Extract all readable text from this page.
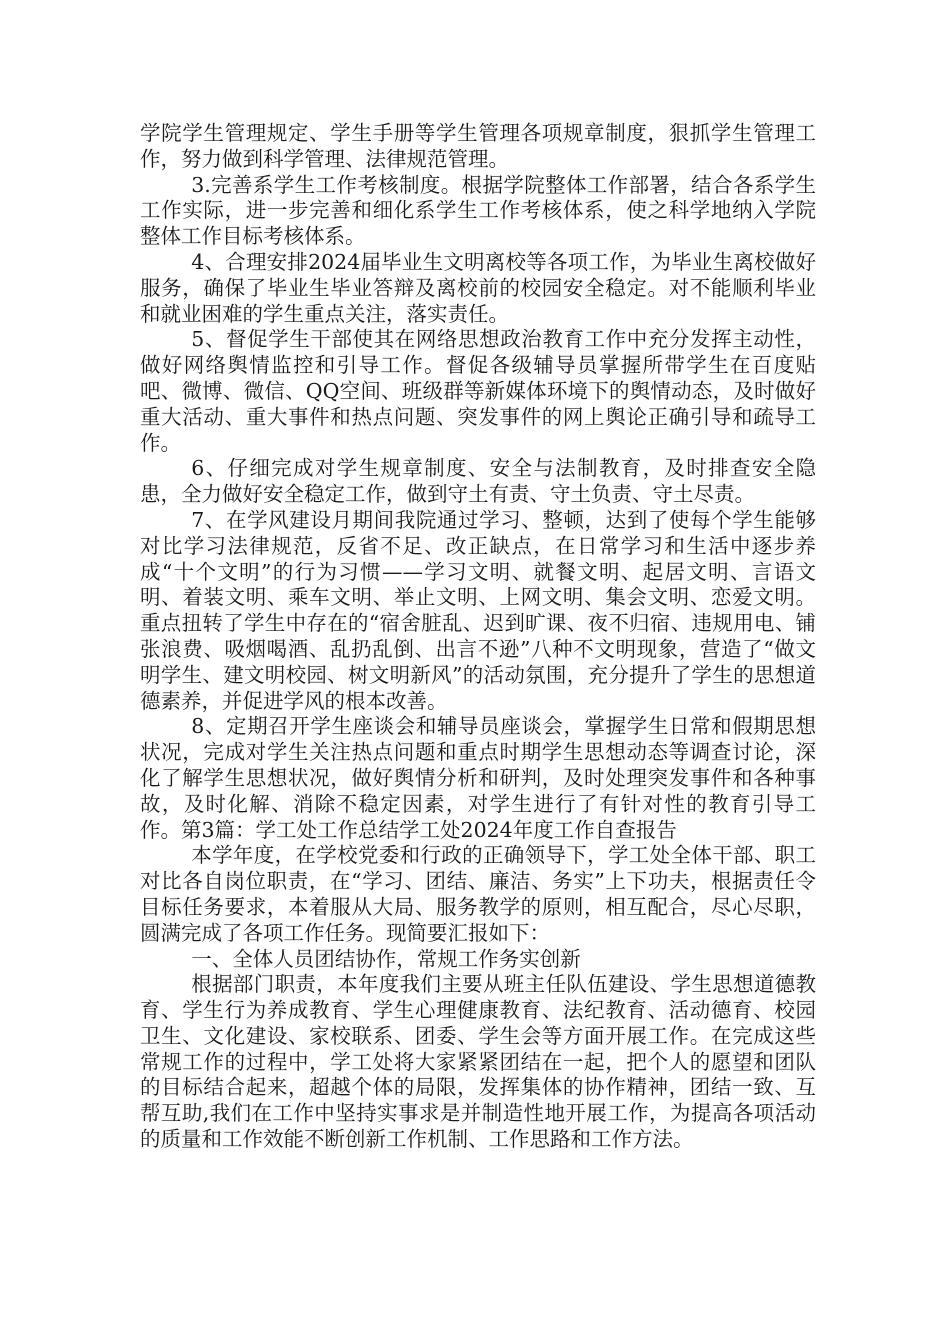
学院学生管理规定、学生手册等学生管理各项规章制度，狠抓学生管理工作，努力做到科学管理、法律规范管理。

3.完善系学生工作考核制度。根据学院整体工作部署，结合各系学生工作实际，进一步完善和细化系学生工作考核体系，使之科学地纳入学院整体工作目标考核体系。

4、合理安排2024届毕业生文明离校等各项工作，为毕业生离校做好服务，确保了毕业生毕业答辩及离校前的校园安全稳定。对不能顺利毕业和就业困难的学生重点关注，落实责任。

5、督促学生干部使其在网络思想政治教育工作中充分发挥主动性，做好网络舆情监控和引导工作。督促各级辅导员掌握所带学生在百度贴吧、微博、微信、QQ空间、班级群等新媒体环境下的舆情动态，及时做好重大活动、重大事件和热点问题、突发事件的网上舆论正确引导和疏导工作。

6、仔细完成对学生规章制度、安全与法制教育，及时排查安全隐患，全力做好安全稳定工作，做到守土有责、守土负责、守土尽责。

7、在学风建设月期间我院通过学习、整顿，达到了使每个学生能够对比学习法律规范，反省不足、改正缺点，在日常学习和生活中逐步养成“十个文明”的行为习惯——学习文明、就餐文明、起居文明、言语文明、着装文明、乘车文明、举止文明、上网文明、集会文明、恋爱文明。重点扭转了学生中存在的“宿舍脏乱、迟到旷课、夜不归宿、违规用电、铺张浪费、吸烟喝酒、乱扔乱倒、出言不逊”八种不文明现象，营造了“做文明学生、建文明校园、树文明新风”的活动氛围，充分提升了学生的思想道德素养，并促进学风的根本改善。

8、定期召开学生座谈会和辅导员座谈会，掌握学生日常和假期思想状况，完成对学生关注热点问题和重点时期学生思想动态等调查讨论，深化了解学生思想状况，做好舆情分析和研判，及时处理突发事件和各种事故，及时化解、消除不稳定因素，对学生进行了有针对性的教育引导工作。第3篇：学工处工作总结学工处2024年度工作自查报告

本学年度，在学校党委和行政的正确领导下，学工处全体干部、职工对比各自岗位职责，在“学习、团结、廉洁、务实”上下功夫，根据责任令目标任务要求，本着服从大局、服务教学的原则，相互配合，尽心尽职，圆满完成了各项工作任务。现简要汇报如下：

一、全体人员团结协作，常规工作务实创新

根据部门职责，本年度我们主要从班主任队伍建设、学生思想道德教育、学生行为养成教育、学生心理健康教育、法纪教育、活动德育、校园卫生、文化建设、家校联系、团委、学生会等方面开展工作。在完成这些常规工作的过程中，学工处将大家紧紧团结在一起，把个人的愿望和团队的目标结合起来，超越个体的局限，发挥集体的协作精神，团结一致、互帮互助,我们在工作中坚持实事求是并制造性地开展工作，为提高各项活动的质量和工作效能不断创新工作机制、工作思路和工作方法。
